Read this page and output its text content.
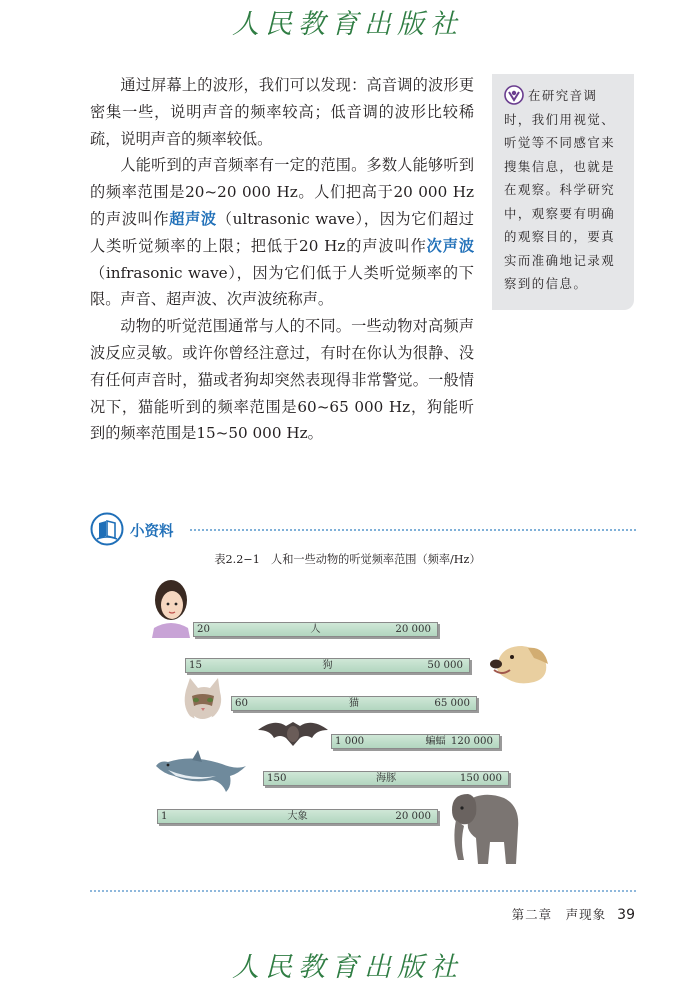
人民教育出版社

通过屏幕上的波形，我们可以发现：高音调的波形更密集一些，说明声音的频率较高；低音调的波形比较稀疏，说明声音的频率较低。

人能听到的声音频率有一定的范围。多数人能够听到的频率范围是20~20 000 Hz。人们把高于20 000 Hz的声波叫作超声波（ultrasonic wave），因为它们超过人类听觉频率的上限；把低于20 Hz的声波叫作次声波（infrasonic wave），因为它们低于人类听觉频率的下限。声音、超声波、次声波统称声。

动物的听觉范围通常与人的不同。一些动物对高频声波反应灵敏。或许你曾经注意过，有时在你认为很静、没有任何声音时，猫或者狗却突然表现得非常警觉。一般情况下，猫能听到的频率范围是60~65 000 Hz，狗能听到的频率范围是15~50 000 Hz。

在研究音调时，我们用视觉、听觉等不同感官来搜集信息，也就是在观察。科学研究中，观察要有明确的观察目的，要真实而准确地记录观察到的信息。
小资料
表2.2−1　人和一些动物的听觉频率范围（频率/Hz）
20	人	20 000
15	狗	50 000
60	猫	65 000
1 000	蝙蝠 120 000
150	海豚	150 000
1	大象	20 000
第二章　声现象 39
人民教育出版社
